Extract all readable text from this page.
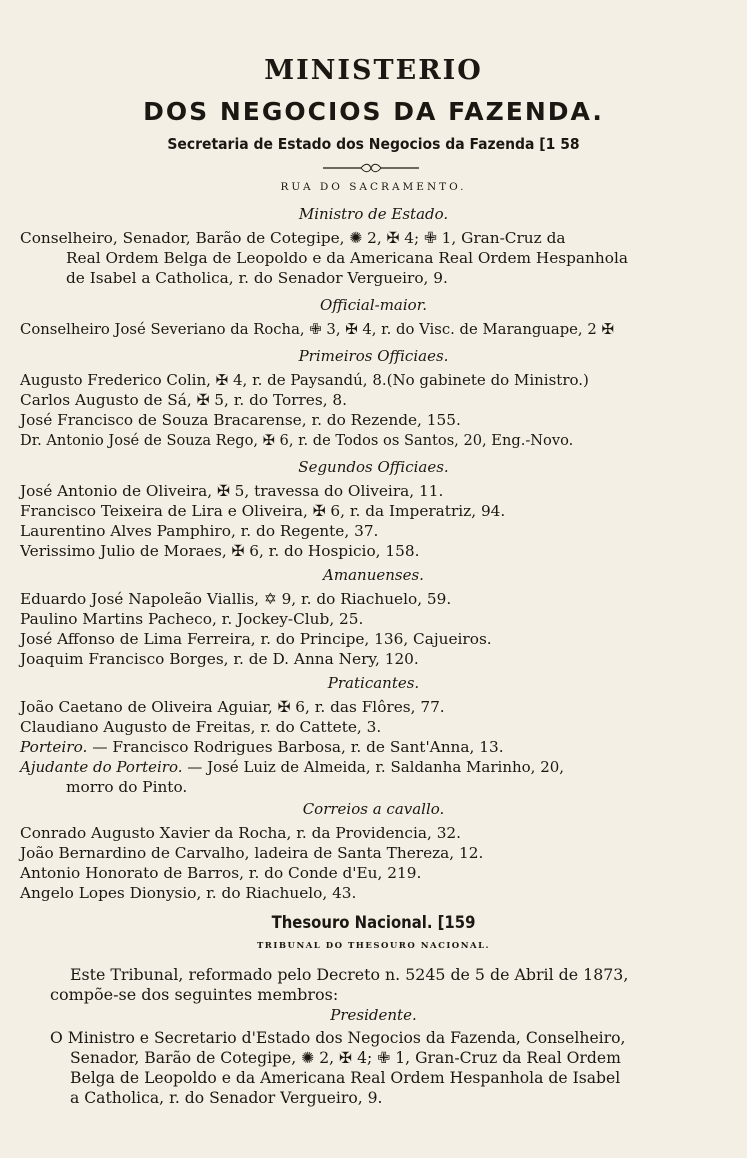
MINISTERIO
DOS NEGOCIOS DA FAZENDA.
Secretaria de Estado dos Negocios da Fazenda [1 58
RUA DO SACRAMENTO.
Ministro de Estado.
Conselheiro, Senador, Barão de Cotegipe, ✺ 2, ✠ 4; ✙ 1, Gran-Cruz da
Real Ordem Belga de Leopoldo e da Americana Real Ordem Hespanhola
de Isabel a Catholica, r. do Senador Vergueiro, 9.
Official-maior.
Conselheiro José Severiano da Rocha, ✙ 3, ✠ 4, r. do Visc. de Maranguape, 2 ✠
Primeiros Officiaes.
Augusto Frederico Colin, ✠ 4, r. de Paysandú, 8.(No gabinete do Ministro.)
Carlos Augusto de Sá, ✠ 5, r. do Torres, 8.
José Francisco de Souza Bracarense, r. do Rezende, 155.
Dr. Antonio José de Souza Rego, ✠ 6, r. de Todos os Santos, 20, Eng.-Novo.
Segundos Officiaes.
José Antonio de Oliveira, ✠ 5, travessa do Oliveira, 11.
Francisco Teixeira de Lira e Oliveira, ✠ 6, r. da Imperatriz, 94.
Laurentino Alves Pamphiro, r. do Regente, 37.
Verissimo Julio de Moraes, ✠ 6, r. do Hospicio, 158.
Amanuenses.
Eduardo José Napoleão Viallis, ✡ 9, r. do Riachuelo, 59.
Paulino Martins Pacheco, r. Jockey-Club, 25.
José Affonso de Lima Ferreira, r. do Principe, 136, Cajueiros.
Joaquim Francisco Borges, r. de D. Anna Nery, 120.
Praticantes.
João Caetano de Oliveira Aguiar, ✠ 6, r. das Flôres, 77.
Claudiano Augusto de Freitas, r. do Cattete, 3.
Porteiro. — Francisco Rodrigues Barbosa, r. de Sant'Anna, 13.
Ajudante do Porteiro. — José Luiz de Almeida, r. Saldanha Marinho, 20,
morro do Pinto.
Correios a cavallo.
Conrado Augusto Xavier da Rocha, r. da Providencia, 32.
João Bernardino de Carvalho, ladeira de Santa Thereza, 12.
Antonio Honorato de Barros, r. do Conde d'Eu, 219.
Angelo Lopes Dionysio, r. do Riachuelo, 43.
Thesouro Nacional. [159
TRIBUNAL DO THESOURO NACIONAL.
Este Tribunal, reformado pelo Decreto n. 5245 de 5 de Abril de 1873,
compõe-se dos seguintes membros:
Presidente.
O Ministro e Secretario d'Estado dos Negocios da Fazenda, Conselheiro,
Senador, Barão de Cotegipe, ✺ 2, ✠ 4; ✙ 1, Gran-Cruz da Real Ordem
Belga de Leopoldo e da Americana Real Ordem Hespanhola de Isabel
a Catholica, r. do Senador Vergueiro, 9.
